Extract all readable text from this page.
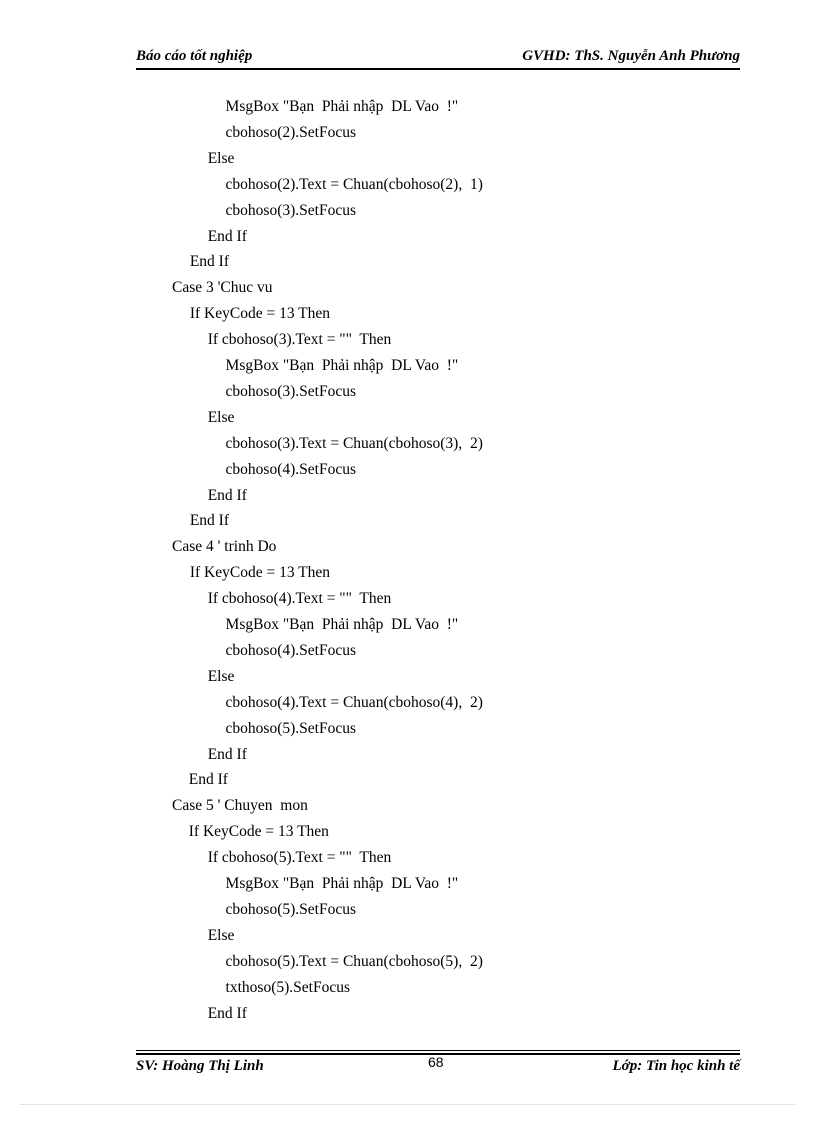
Báo cáo tốt nghiệp	GVHD: ThS. Nguyễn Anh Phương
MsgBox "Bạn  Phải nhập  DL Vao  !"
cbohoso(2).SetFocus
Else
cbohoso(2).Text = Chuan(cbohoso(2),  1)
cbohoso(3).SetFocus
End If
End If
Case 3 'Chuc vu
If KeyCode = 13 Then
If cbohoso(3).Text = ""  Then
MsgBox "Bạn  Phải nhập  DL Vao  !"
cbohoso(3).SetFocus
Else
cbohoso(3).Text = Chuan(cbohoso(3),  2)
cbohoso(4).SetFocus
End If
End If
Case 4 ' trinh Do
If KeyCode = 13 Then
If cbohoso(4).Text = ""  Then
MsgBox "Bạn  Phải nhập  DL Vao  !"
cbohoso(4).SetFocus
Else
cbohoso(4).Text = Chuan(cbohoso(4),  2)
cbohoso(5).SetFocus
End If
End If
Case 5 ' Chuyen  mon
If KeyCode = 13 Then
If cbohoso(5).Text = ""  Then
MsgBox "Bạn  Phải nhập  DL Vao  !"
cbohoso(5).SetFocus
Else
cbohoso(5).Text = Chuan(cbohoso(5),  2)
txthoso(5).SetFocus
End If
SV: Hoàng Thị Linh	68	Lớp: Tin học kinh tế
